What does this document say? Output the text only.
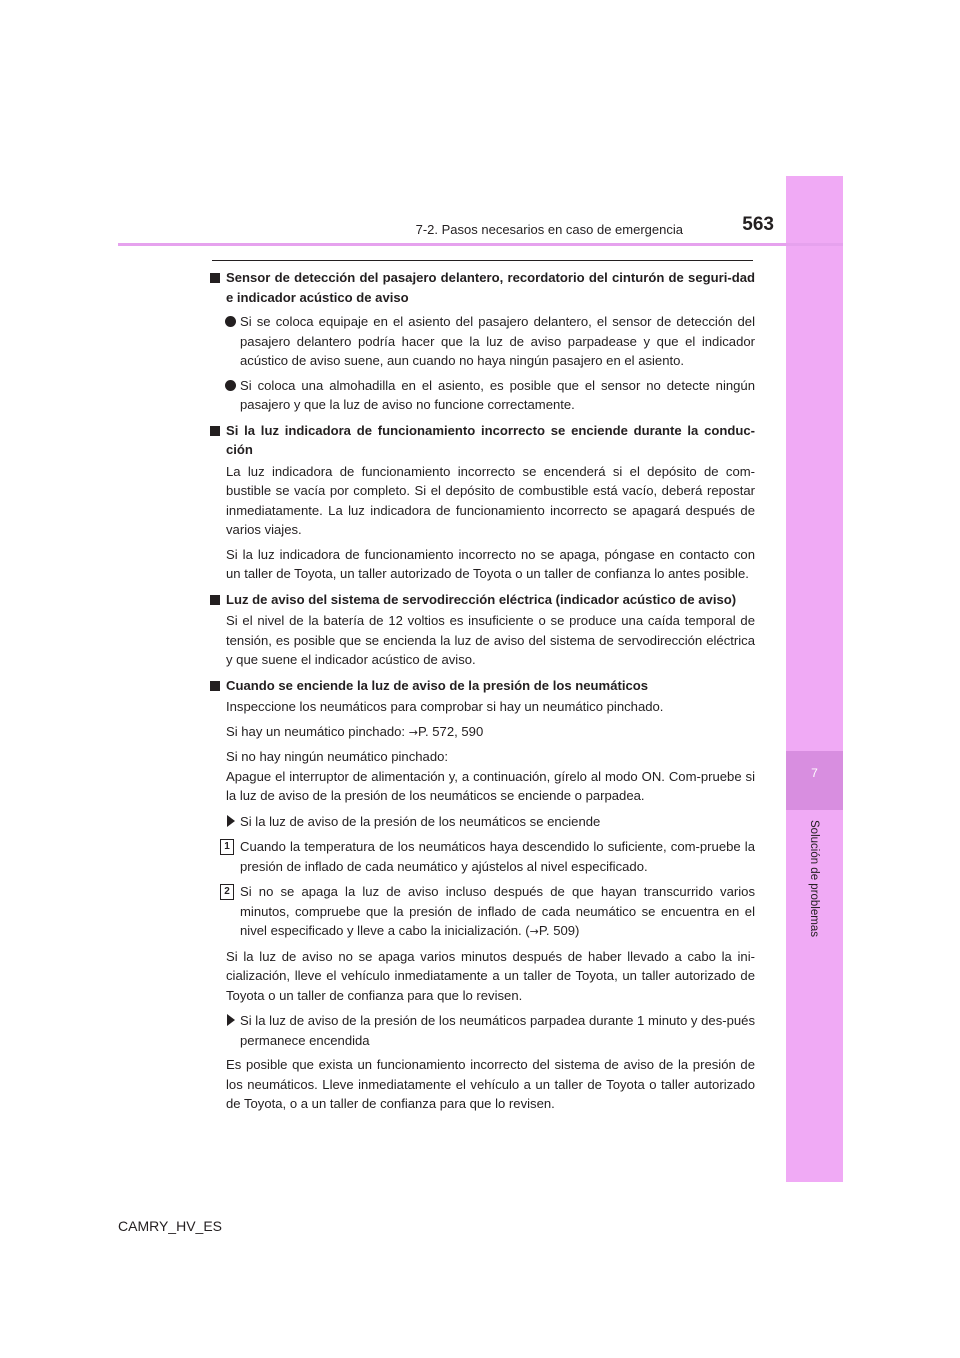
7
Solución de problemas
7-2. Pasos necesarios en caso de emergencia	563
Sensor de detección del pasajero delantero, recordatorio del cinturón de seguri-dad e indicador acústico de aviso
Si se coloca equipaje en el asiento del pasajero delantero, el sensor de detección del pasajero delantero podría hacer que la luz de aviso parpadease y que el indicador acústico de aviso suene, aun cuando no haya ningún pasajero en el asiento.
Si coloca una almohadilla en el asiento, es posible que el sensor no detecte ningún pasajero y que la luz de aviso no funcione correctamente.
Si la luz indicadora de funcionamiento incorrecto se enciende durante la conduc-ción
La luz indicadora de funcionamiento incorrecto se encenderá si el depósito de com-bustible se vacía por completo. Si el depósito de combustible está vacío, deberá repostar inmediatamente. La luz indicadora de funcionamiento incorrecto se apagará después de varios viajes.
Si la luz indicadora de funcionamiento incorrecto no se apaga, póngase en contacto con un taller de Toyota, un taller autorizado de Toyota o un taller de confianza lo antes posible.
Luz de aviso del sistema de servodirección eléctrica (indicador acústico de aviso)
Si el nivel de la batería de 12 voltios es insuficiente o se produce una caída temporal de tensión, es posible que se encienda la luz de aviso del sistema de servodirección eléctrica y que suene el indicador acústico de aviso.
Cuando se enciende la luz de aviso de la presión de los neumáticos
Inspeccione los neumáticos para comprobar si hay un neumático pinchado.
Si hay un neumático pinchado: →P. 572, 590
Si no hay ningún neumático pinchado:
Apague el interruptor de alimentación y, a continuación, gírelo al modo ON. Com-pruebe si la luz de aviso de la presión de los neumáticos se enciende o parpadea.
Si la luz de aviso de la presión de los neumáticos se enciende
1 Cuando la temperatura de los neumáticos haya descendido lo suficiente, com-pruebe la presión de inflado de cada neumático y ajústelos al nivel especificado.
2 Si no se apaga la luz de aviso incluso después de que hayan transcurrido varios minutos, compruebe que la presión de inflado de cada neumático se encuentra en el nivel especificado y lleve a cabo la inicialización. (→P. 509)
Si la luz de aviso no se apaga varios minutos después de haber llevado a cabo la ini-cialización, lleve el vehículo inmediatamente a un taller de Toyota, un taller autorizado de Toyota o un taller de confianza para que lo revisen.
Si la luz de aviso de la presión de los neumáticos parpadea durante 1 minuto y des-pués permanece encendida
Es posible que exista un funcionamiento incorrecto del sistema de aviso de la presión de los neumáticos. Lleve inmediatamente el vehículo a un taller de Toyota o taller autorizado de Toyota, o a un taller de confianza para que lo revisen.
CAMRY_HV_ES
